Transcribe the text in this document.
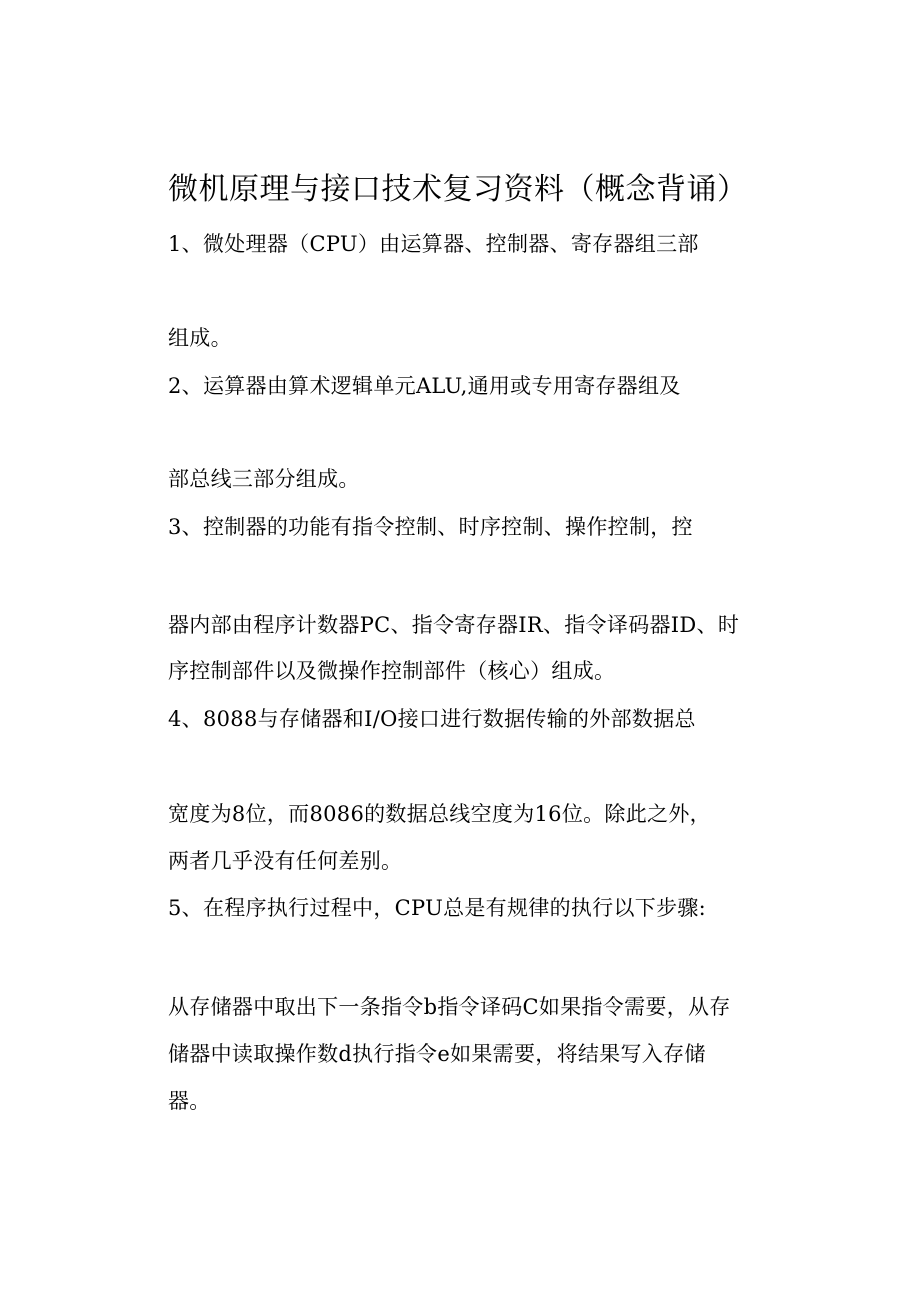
微机原理与接口技术复习资料（概念背诵）
1、微处理器（CPU）由运算器、控制器、寄存器组三部
组成。
2、运算器由算术逻辑单元ALU,通用或专用寄存器组及
部总线三部分组成。
3、控制器的功能有指令控制、时序控制、操作控制，控
器内部由程序计数器PC、指令寄存器IR、指令译码器ID、时
序控制部件以及微操作控制部件（核心）组成。
4、8088与存储器和I/O接口进行数据传输的外部数据总
宽度为8位，而8086的数据总线空度为16位。除此之外，
两者几乎没有任何差别。
5、在程序执行过程中，CPU总是有规律的执行以下步骤:
从存储器中取出下一条指令b指令译码C如果指令需要，从存
储器中读取操作数d执行指令e如果需要，将结果写入存储
器。
